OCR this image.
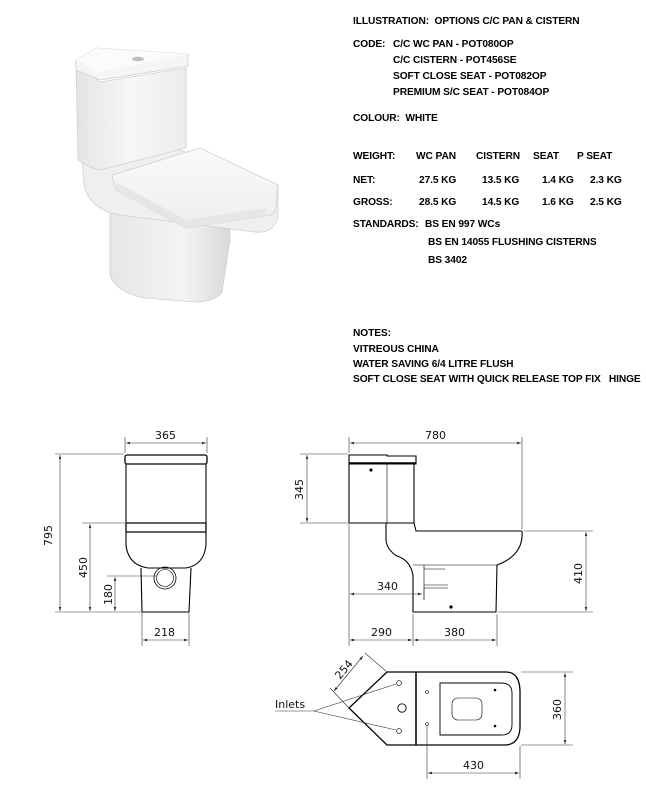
ILLUSTRATION: OPTIONS C/C PAN & CISTERN
CODE: C/C WC PAN - POT080OP
C/C CISTERN - POT456SE
SOFT CLOSE SEAT - POT082OP
PREMIUM S/C SEAT - POT084OP
COLOUR: WHITE
WEIGHT: WC PAN CISTERN SEAT P SEAT
NET:	27.5 KG	13.5 KG 1.4 KG 2.3 KG
GROSS:	28.5 KG	14.5 KG 1.6 KG 2.5 KG
STANDARDS: BS EN 997 WCs
BS EN 14055 FLUSHING CISTERNS
BS 3402
NOTES:
VITREOUS CHINA
WATER SAVING 6/4 LITRE FLUSH
SOFT CLOSE SEAT WITH QUICK RELEASE TOP FIX   HINGE
365
795
450
180
218
780
345
410
340
290	380
254
360
430
Inlets
